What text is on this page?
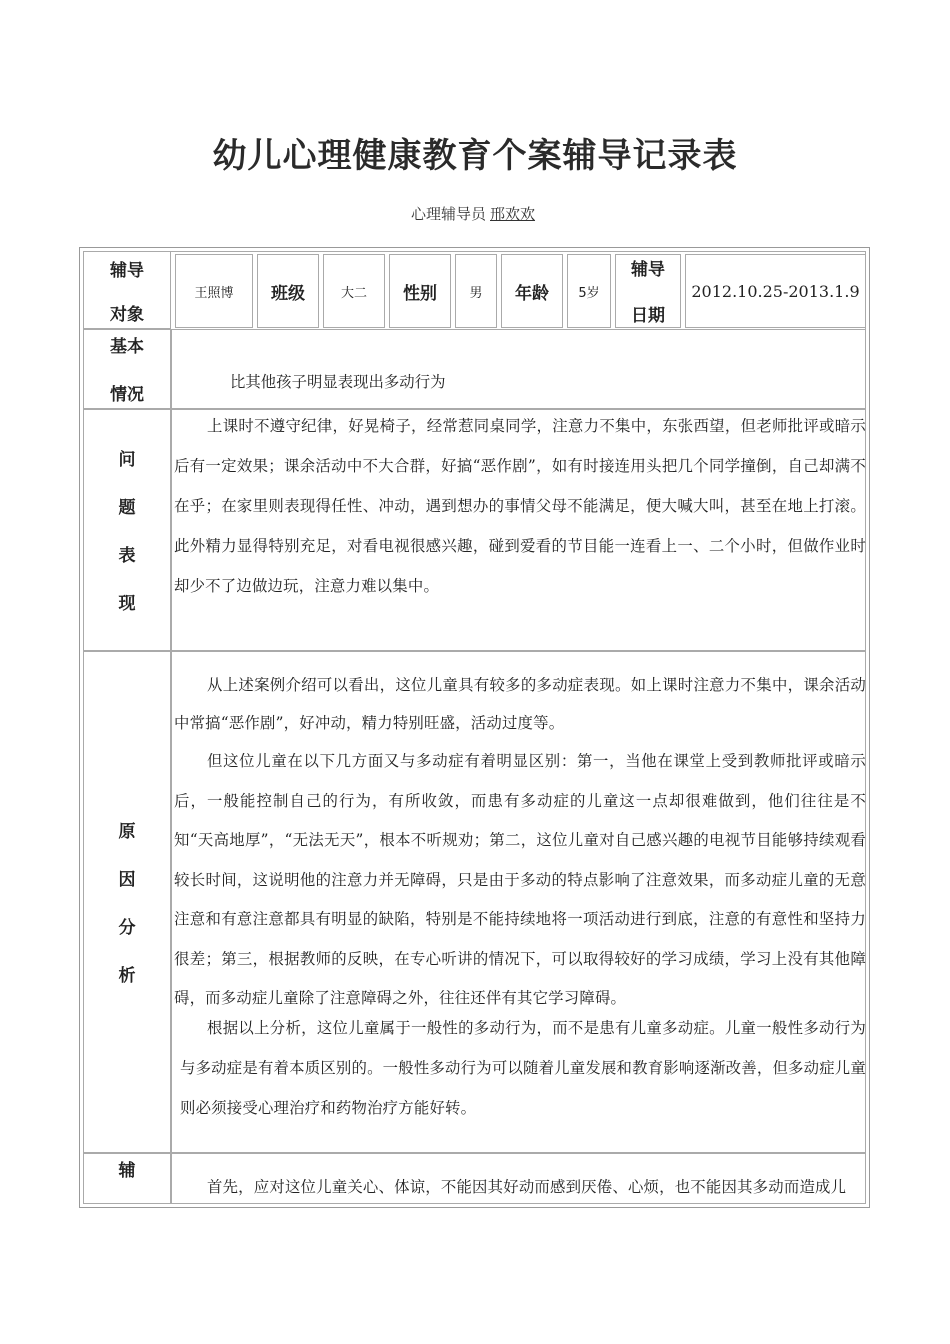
幼儿心理健康教育个案辅导记录表
心理辅导员 邢欢欢
辅导
对象
王照博 班级	大二 性别 男 年龄 5岁
辅导
日期
2012.10.25-2013.1.9
基本
情况
比其他孩子明显表现出多动行为
问
题
表
现
上课时不遵守纪律，好晃椅子，经常惹同桌同学，注意力不集中，东张西望，但老师批评或暗示后有一定效果；课余活动中不大合群，好搞“恶作剧”，如有时接连用头把几个同学撞倒，自己却满不在乎；在家里则表现得任性、冲动，遇到想办的事情父母不能满足，便大喊大叫，甚至在地上打滚。此外精力显得特别充足，对看电视很感兴趣，碰到爱看的节目能一连看上一、二个小时，但做作业时却少不了边做边玩，注意力难以集中。
原
因
分
析
从上述案例介绍可以看出，这位儿童具有较多的多动症表现。如上课时注意力不集中，课余活动中常搞“恶作剧”，好冲动，精力特别旺盛，活动过度等。
但这位儿童在以下几方面又与多动症有着明显区别：第一，当他在课堂上受到教师批评或暗示后，一般能控制自己的行为，有所收敛，而患有多动症的儿童这一点却很难做到，他们往往是不知“天高地厚”，“无法无天”，根本不听规劝；第二，这位儿童对自己感兴趣的电视节目能够持续观看较长时间，这说明他的注意力并无障碍，只是由于多动的特点影响了注意效果，而多动症儿童的无意注意和有意注意都具有明显的缺陷，特别是不能持续地将一项活动进行到底，注意的有意性和坚持力很差；第三，根据教师的反映，在专心听讲的情况下，可以取得较好的学习成绩，学习上没有其他障碍，而多动症儿童除了注意障碍之外，往往还伴有其它学习障碍。
根据以上分析，这位儿童属于一般性的多动行为，而不是患有儿童多动症。儿童一般性多动行为与多动症是有着本质区别的。一般性多动行为可以随着儿童发展和教育影响逐渐改善，但多动症儿童则必须接受心理治疗和药物治疗方能好转。
辅
首先，应对这位儿童关心、体谅，不能因其好动而感到厌倦、心烦，也不能因其多动而造成儿
